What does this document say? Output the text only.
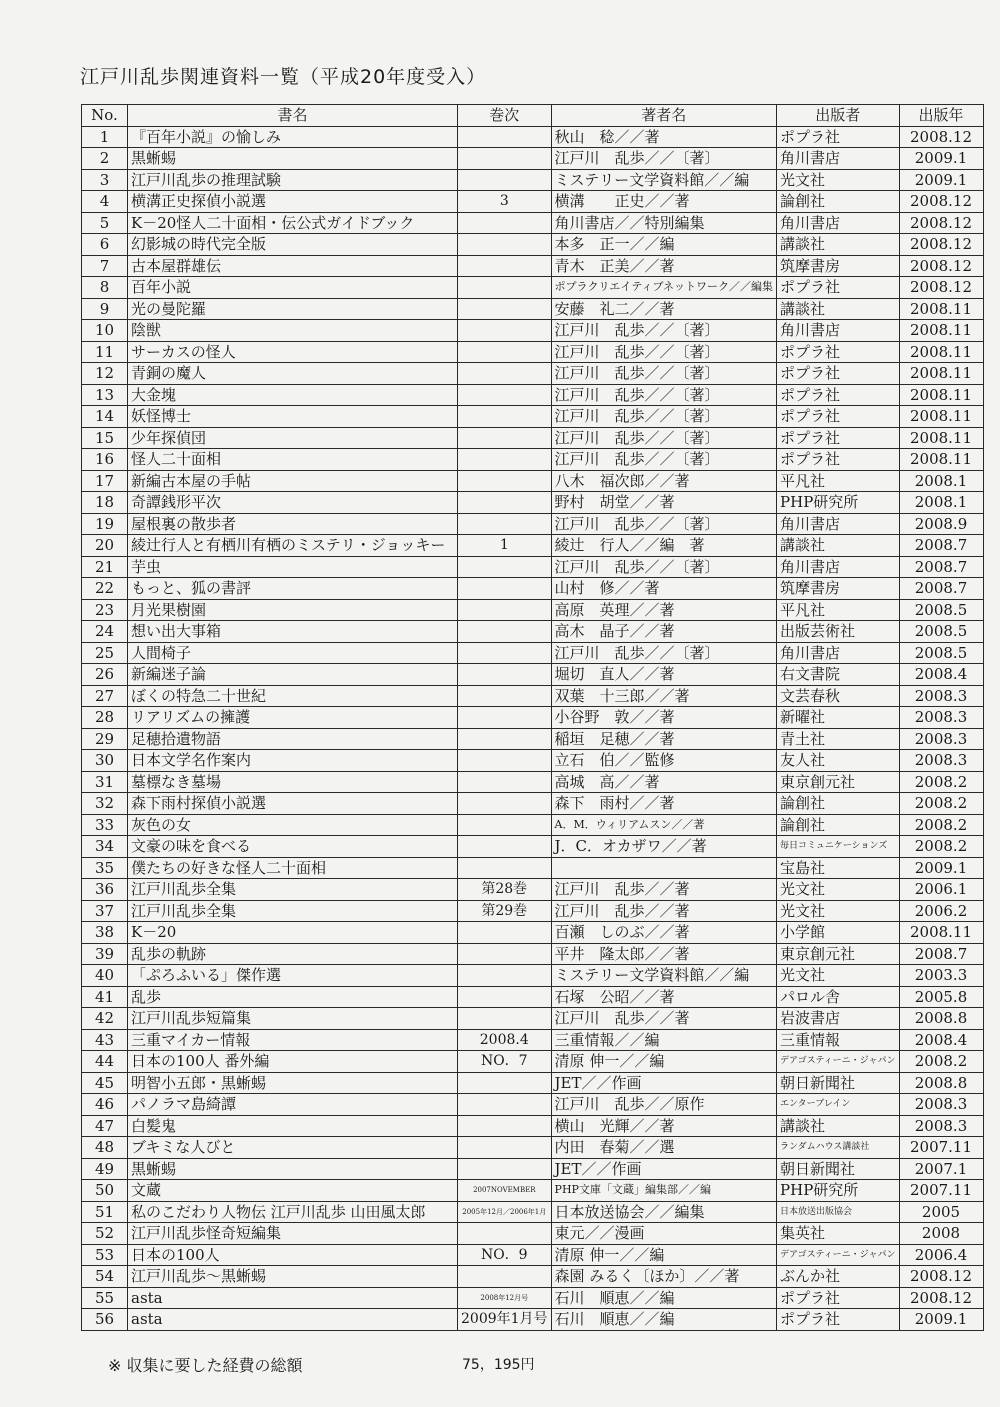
江戸川乱歩関連資料一覧（平成20年度受入）
No.	書名	巻次	著者名	出版者	出版年
1	『百年小説』の愉しみ		秋山　稔／／著	ポプラ社	2008.12
2	黒蜥蜴		江戸川　乱歩／／〔著〕	角川書店	2009.1
3	江戸川乱歩の推理試験		ミステリー文学資料館／／編	光文社	2009.1
4	横溝正史探偵小説選	3	横溝　　正史／／著	論創社	2008.12
5	K－20怪人二十面相・伝公式ガイドブック		角川書店／／特別編集	角川書店	2008.12
6	幻影城の時代完全版		本多　正一／／編	講談社	2008.12
7	古本屋群雄伝		青木　正美／／著	筑摩書房	2008.12
8	百年小説		ポプラクリエイティブネットワーク／／編集	ポプラ社	2008.12
9	光の曼陀羅		安藤　礼二／／著	講談社	2008.11
10	陰獣		江戸川　乱歩／／〔著〕	角川書店	2008.11
11	サーカスの怪人		江戸川　乱歩／／〔著〕	ポプラ社	2008.11
12	青銅の魔人		江戸川　乱歩／／〔著〕	ポプラ社	2008.11
13	大金塊		江戸川　乱歩／／〔著〕	ポプラ社	2008.11
14	妖怪博士		江戸川　乱歩／／〔著〕	ポプラ社	2008.11
15	少年探偵団		江戸川　乱歩／／〔著〕	ポプラ社	2008.11
16	怪人二十面相		江戸川　乱歩／／〔著〕	ポプラ社	2008.11
17	新編古本屋の手帖		八木　福次郎／／著	平凡社	2008.1
18	奇譚銭形平次		野村　胡堂／／著	PHP研究所	2008.1
19	屋根裏の散歩者		江戸川　乱歩／／〔著〕	角川書店	2008.9
20	綾辻行人と有栖川有栖のミステリ・ジョッキー	1	綾辻　行人／／編　著	講談社	2008.7
21	芋虫		江戸川　乱歩／／〔著〕	角川書店	2008.7
22	もっと、狐の書評		山村　修／／著	筑摩書房	2008.7
23	月光果樹園		高原　英理／／著	平凡社	2008.5
24	想い出大事箱		高木　晶子／／著	出版芸術社	2008.5
25	人間椅子		江戸川　乱歩／／〔著〕	角川書店	2008.5
26	新編迷子論		堀切　直人／／著	右文書院	2008.4
27	ぼくの特急二十世紀		双葉　十三郎／／著	文芸春秋	2008.3
28	リアリズムの擁護		小谷野　敦／／著	新曜社	2008.3
29	足穂拾遺物語		稲垣　足穂／／著	青土社	2008.3
30	日本文学名作案内		立石　伯／／監修	友人社	2008.3
31	墓標なき墓場		高城　高／／著	東京創元社	2008.2
32	森下雨村探偵小説選		森下　雨村／／著	論創社	2008.2
33	灰色の女		A．M．ウィリアムスン／／著	論創社	2008.2
34	文豪の味を食べる		J．C．オカザワ／／著	毎日コミュニケーションズ	2008.2
35	僕たちの好きな怪人二十面相			宝島社	2009.1
36	江戸川乱歩全集	第28巻	江戸川　乱歩／／著	光文社	2006.1
37	江戸川乱歩全集	第29巻	江戸川　乱歩／／著	光文社	2006.2
38	K－20		百瀬　しのぶ／／著	小学館	2008.11
39	乱歩の軌跡		平井　隆太郎／／著	東京創元社	2008.7
40	「ぷろふいる」傑作選		ミステリー文学資料館／／編	光文社	2003.3
41	乱歩		石塚　公昭／／著	パロル舎	2005.8
42	江戸川乱歩短篇集		江戸川　乱歩／／著	岩波書店	2008.8
43	三重マイカー情報	2008.4	三重情報／／編	三重情報	2008.4
44	日本の100人 番外編	NO．7	清原 伸一／／編	デアゴスティーニ・ジャパン	2008.2
45	明智小五郎・黒蜥蜴		JET／／作画	朝日新聞社	2008.8
46	パノラマ島綺譚		江戸川　乱歩／／原作	エンターブレイン	2008.3
47	白髪鬼		横山　光輝／／著	講談社	2008.3
48	ブキミな人びと		内田　春菊／／選	ランダムハウス講談社	2007.11
49	黒蜥蜴		JET／／作画	朝日新聞社	2007.1
50	文蔵	2007NOVEMBER	PHP文庫「文蔵」編集部／／編	PHP研究所	2007.11
51	私のこだわり人物伝 江戸川乱歩 山田風太郎	2005年12月／2006年1月	日本放送協会／／編集	日本放送出版協会	2005
52	江戸川乱歩怪奇短編集		東元／／漫画	集英社	2008
53	日本の100人	NO．9	清原 伸一／／編	デアゴスティーニ・ジャパン	2006.4
54	江戸川乱歩～黒蜥蜴		森園 みるく〔ほか〕／／著	ぶんか社	2008.12
55	asta	2008年12月号	石川　順恵／／編	ポプラ社	2008.12
56	asta	2009年1月号	石川　順恵／／編	ポプラ社	2009.1
※ 収集に要した経費の総額	75，195円
